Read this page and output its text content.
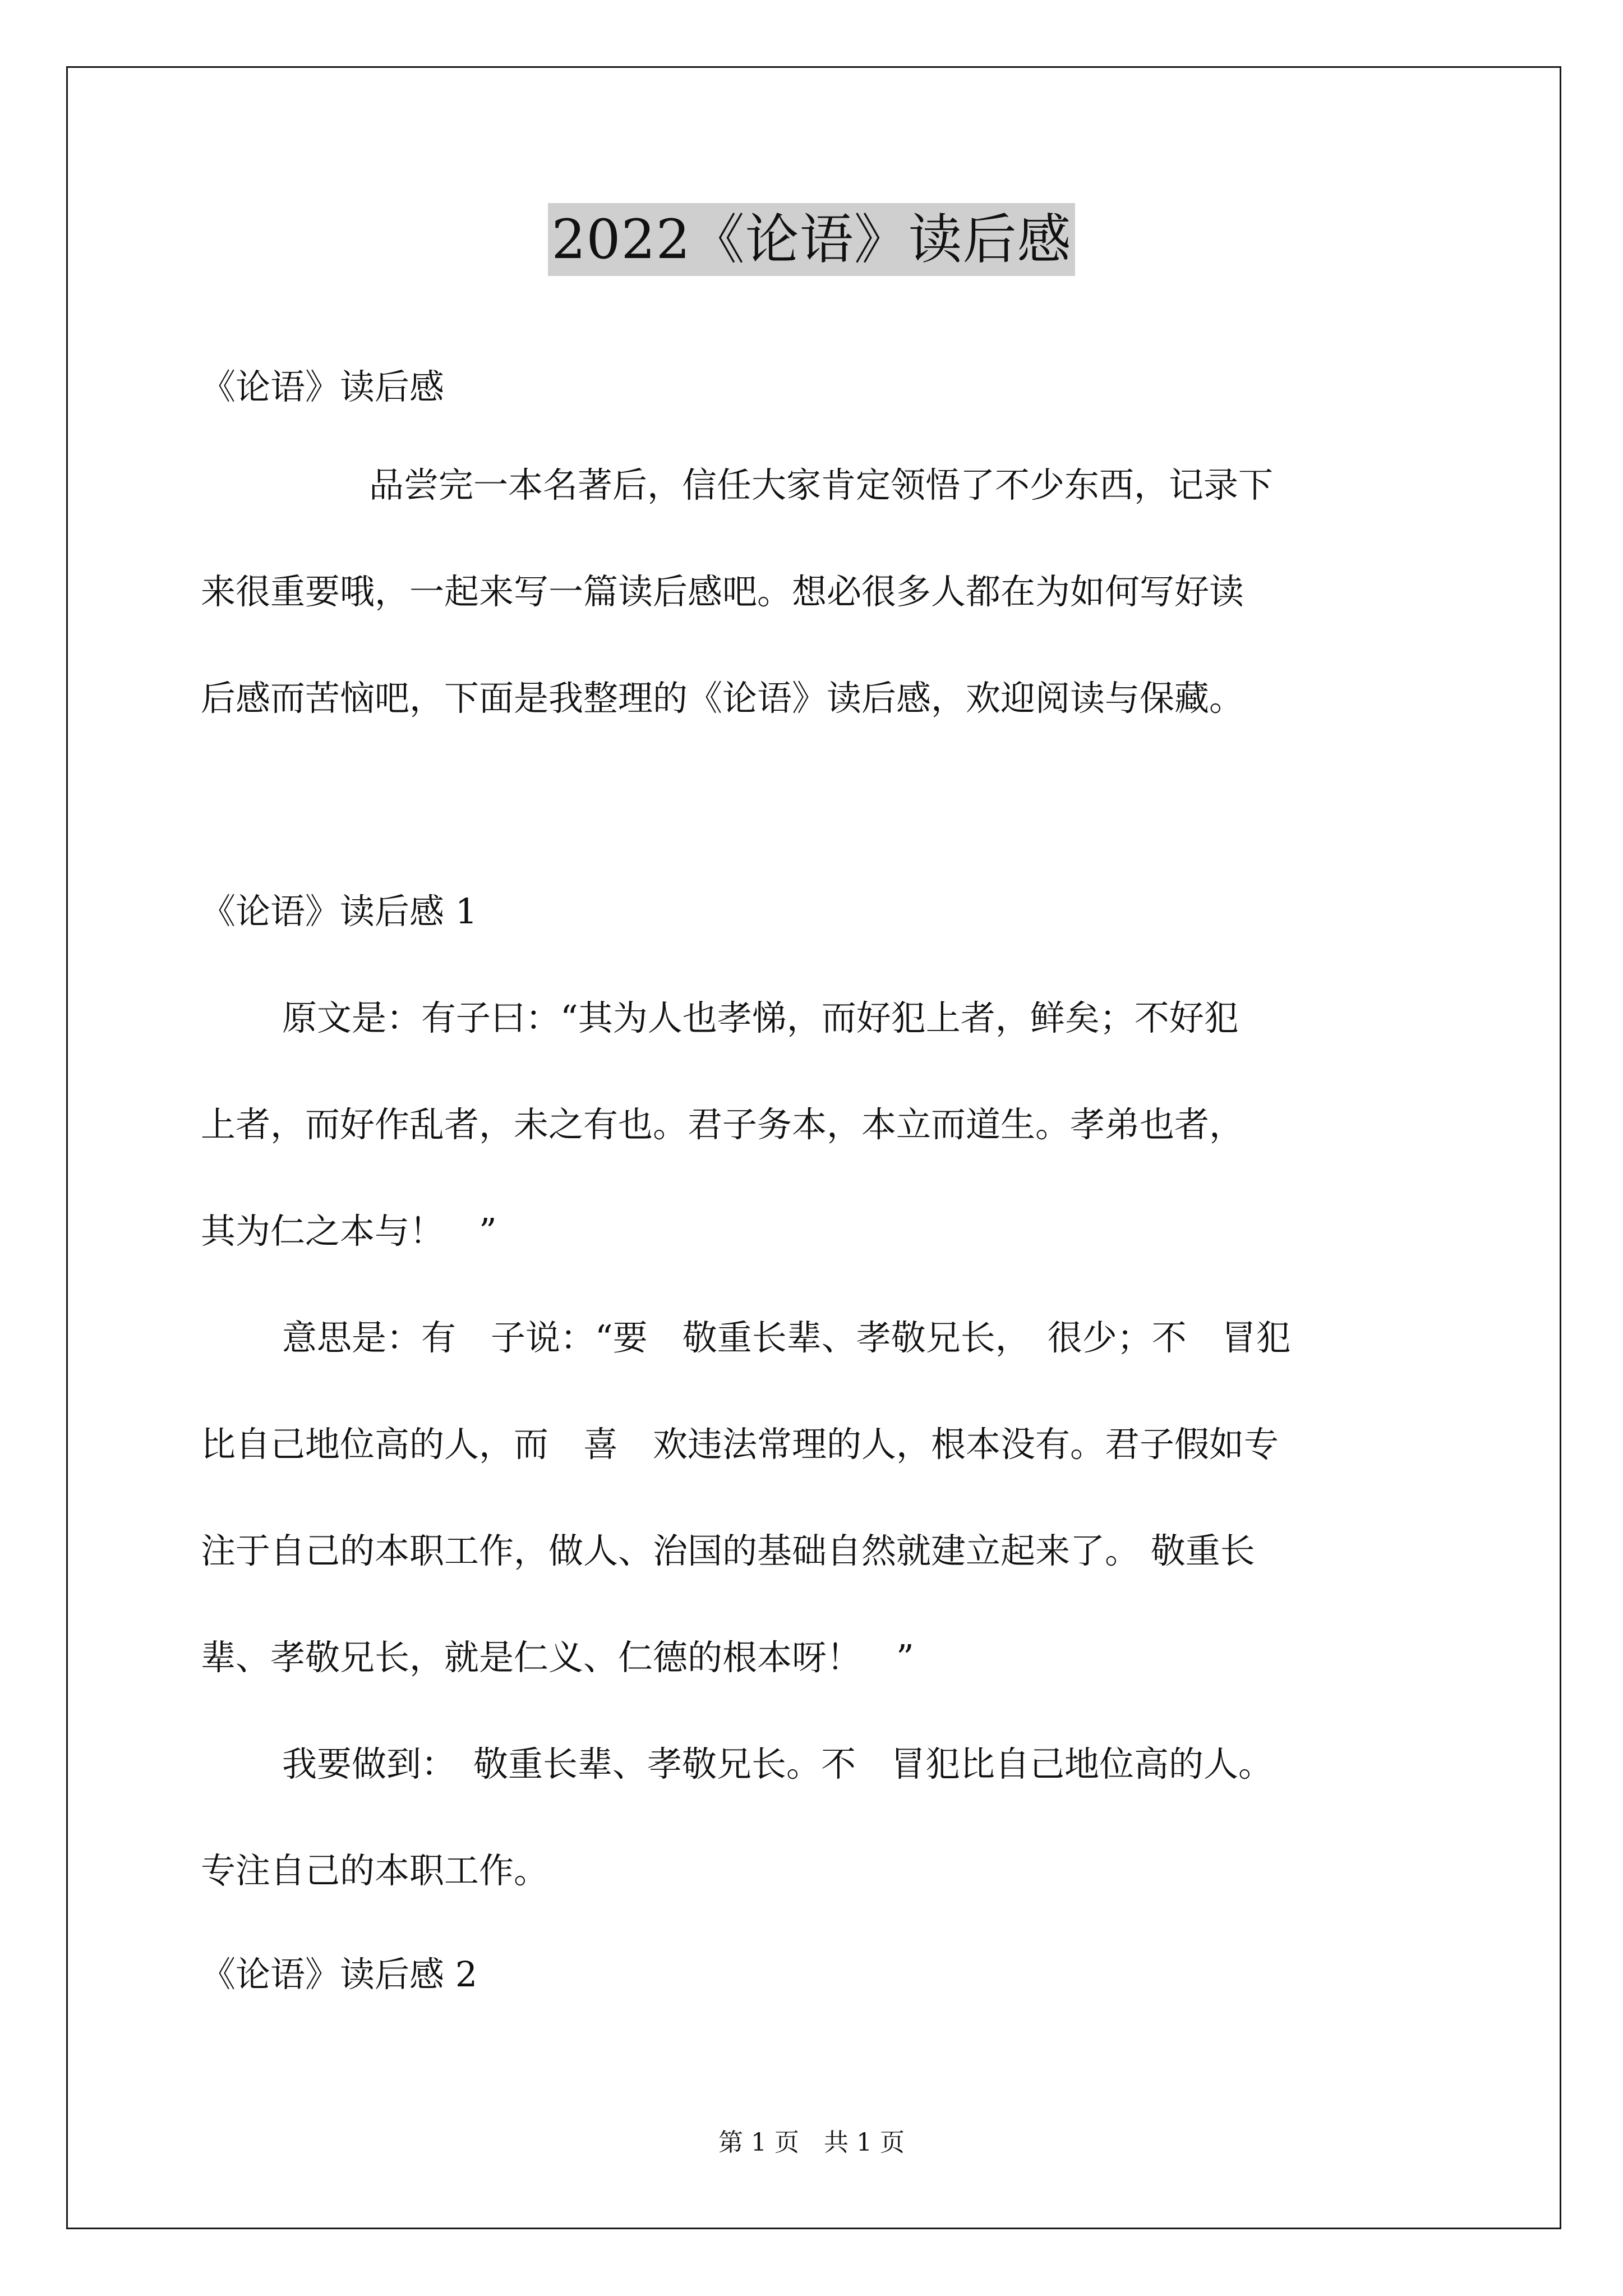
2022《论语》读后感
《论语》读后感
品尝完一本名著后，信任大家肯定领悟了不少东西，记录下
来很重要哦，一起来写一篇读后感吧。想必很多人都在为如何写好读
后感而苦恼吧，下面是我整理的《论语》读后感，欢迎阅读与保藏。
《论语》读后感 1
原文是：有子曰：“其为人也孝悌，而好犯上者，鲜矣；不好犯
上者，而好作乱者，未之有也。君子务本，本立而道生。孝弟也者，
其为仁之本与！　”
意思是：有　子说：“要　敬重长辈、孝敬兄长，　很少；不　冒犯
比自己地位高的人，而　喜　欢违法常理的人，根本没有。君子假如专
注于自己的本职工作，做人、治国的基础自然就建立起来了。 敬重长
辈、孝敬兄长，就是仁义、仁德的根本呀！　”
我要做到：　敬重长辈、孝敬兄长。不　冒犯比自己地位高的人。
专注自己的本职工作。
《论语》读后感 2
第 1 页　共 1 页
